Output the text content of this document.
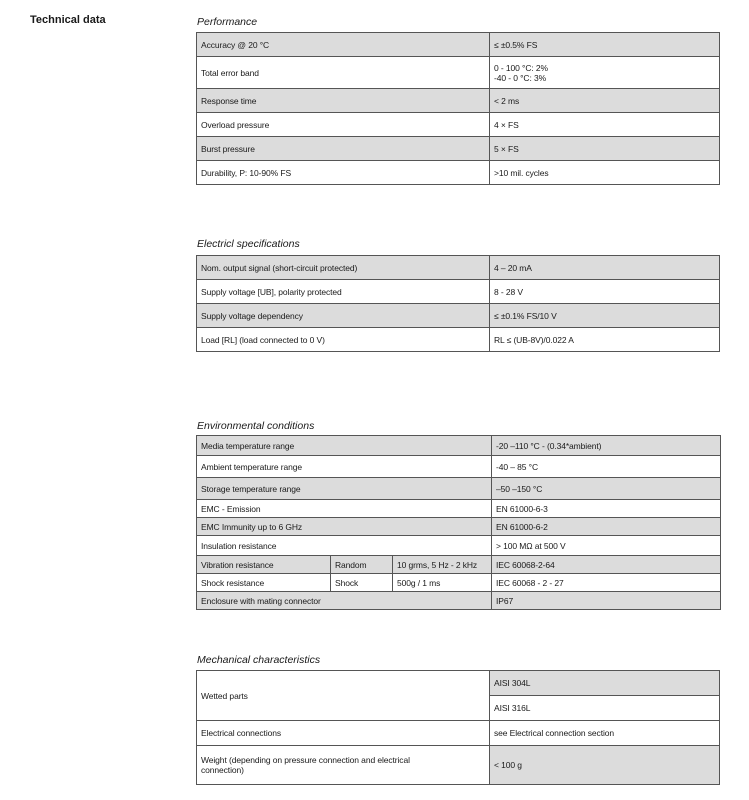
Technical data	Performance
Accuracy @ 20 °C	≤ ±0.5% FS
Total error band	0 - 100 °C: 2%
-40 - 0 °C: 3%

Response time	< 2 ms
Overload pressure	4 × FS
Burst pressure	5 × FS
Durability, P: 10-90% FS	>10 mil. cycles
Electricl specifications
Nom. output signal (short-circuit protected)	4 – 20 mA
Supply voltage [UB], polarity protected	8 - 28 V
Supply voltage dependency	≤ ±0.1% FS/10 V
Load [RL] (load connected to 0 V)	RL ≤ (UB-8V)/0.022 A
Environmental conditions
Media temperature range			-20 –110 °C - (0.34*ambient)
Ambient temperature range			-40 – 85 °C
Storage temperature range			–50 –150 °C
EMC - Emission			EN 61000-6-3
EMC Immunity up to 6 GHz			EN 61000-6-2
Insulation resistance			> 100 MΩ at 500 V
Vibration resistance	Random	10 grms, 5 Hz - 2 kHz	IEC 60068-2-64
Shock resistance	Shock	500g / 1 ms	IEC 60068 - 2 - 27
Enclosure with mating connector			IP67
Mechanical characteristics
Wetted parts	AISI 304L
	AISI 316L
Electrical connections	see Electrical connection section
Weight (depending on pressure connection and electrical connection)	< 100 g
